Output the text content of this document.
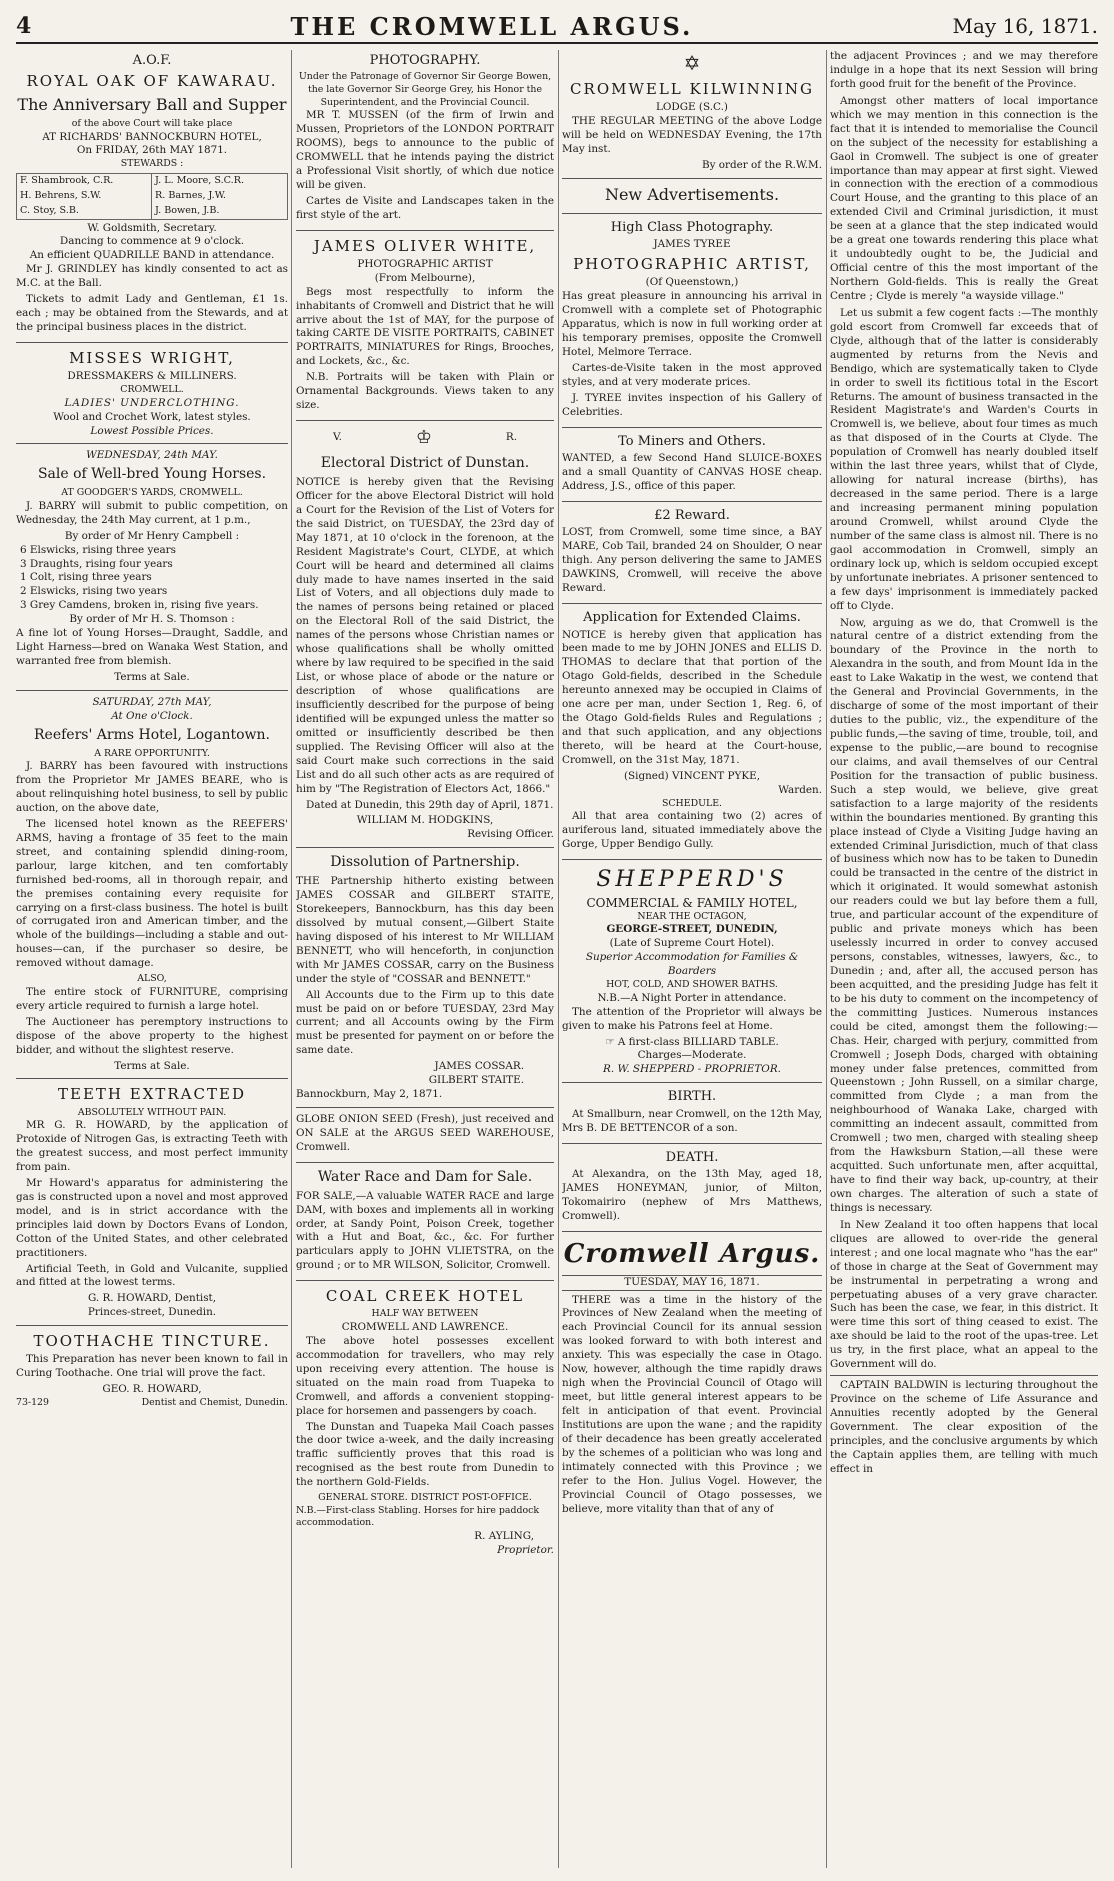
4	THE CROMWELL ARGUS.	May 16, 1871.
A.O.F.
ROYAL OAK OF KAWARAU.
The Anniversary Ball and Supper
of the above Court will take place
AT RICHARDS' BANNOCKBURN HOTEL,
On FRIDAY, 26th MAY 1871.
STEWARDS :
F. Shambrook, C.R.	J. L. Moore, S.C.R.
H. Behrens, S.W.	R. Barnes, J.W.
C. Stoy, S.B.	J. Bowen, J.B.
W. Goldsmith, Secretary.
Dancing to commence at 9 o'clock.
An efficient QUADRILLE BAND in attendance.

Mr J. GRINDLEY has kindly consented to act as M.C. at the Ball.

Tickets to admit Lady and Gentleman, £1 1s. each ; may be obtained from the Stewards, and at the principal business places in the district.

MISSES WRIGHT,
DRESSMAKERS & MILLINERS.
CROMWELL.
LADIES' UNDERCLOTHING.
Wool and Crochet Work, latest styles.
Lowest Possible Prices.
WEDNESDAY, 24th MAY.
Sale of Well-bred Young Horses.
AT GOODGER'S YARDS, CROMWELL.

J. BARRY will submit to public competition, on Wednesday, the 24th May current, at 1 p.m.,

By order of Mr Henry Campbell :
6 Elswicks, rising three years
3 Draughts, rising four years
1 Colt, rising three years
2 Elswicks, rising two years
3 Grey Camdens, broken in, rising five years.
By order of Mr H. S. Thomson :

A fine lot of Young Horses—Draught, Saddle, and Light Harness—bred on Wanaka West Station, and warranted free from blemish.

Terms at Sale.
SATURDAY, 27th MAY,
At One o'Clock.
Reefers' Arms Hotel, Logantown.
A RARE OPPORTUNITY.

J. BARRY has been favoured with instructions from the Proprietor Mr JAMES BEARE, who is about relinquishing hotel business, to sell by public auction, on the above date,

The licensed hotel known as the REEFERS' ARMS, having a frontage of 35 feet to the main street, and containing splendid dining-room, parlour, large kitchen, and ten comfortably furnished bed-rooms, all in thorough repair, and the premises containing every requisite for carrying on a first-class business. The hotel is built of corrugated iron and American timber, and the whole of the buildings—including a stable and out-houses—can, if the purchaser so desire, be removed without damage.

ALSO,

The entire stock of FURNITURE, comprising every article required to furnish a large hotel.

The Auctioneer has peremptory instructions to dispose of the above property to the highest bidder, and without the slightest reserve.

Terms at Sale.
TEETH EXTRACTED
ABSOLUTELY WITHOUT PAIN.

MR G. R. HOWARD, by the application of Protoxide of Nitrogen Gas, is extracting Teeth with the greatest success, and most perfect immunity from pain.

Mr Howard's apparatus for administering the gas is constructed upon a novel and most approved model, and is in strict accordance with the principles laid down by Doctors Evans of London, Cotton of the United States, and other celebrated practitioners.

Artificial Teeth, in Gold and Vulcanite, supplied and fitted at the lowest terms.

G. R. HOWARD, Dentist,
Princes-street, Dunedin.
TOOTHACHE TINCTURE.

This Preparation has never been known to fail in Curing Toothache. One trial will prove the fact.

GEO. R. HOWARD,
73-129	Dentist and Chemist, Dunedin.
PHOTOGRAPHY.
Under the Patronage of Governor Sir George Bowen, the late Governor Sir George Grey, his Honor the Superintendent, and the Provincial Council.

MR T. MUSSEN (of the firm of Irwin and Mussen, Proprietors of the LONDON PORTRAIT ROOMS), begs to announce to the public of CROMWELL that he intends paying the district a Professional Visit shortly, of which due notice will be given.

Cartes de Visite and Landscapes taken in the first style of the art.

JAMES OLIVER WHITE,
PHOTOGRAPHIC ARTIST
(From Melbourne),

Begs most respectfully to inform the inhabitants of Cromwell and District that he will arrive about the 1st of MAY, for the purpose of taking CARTE DE VISITE PORTRAITS, CABINET PORTRAITS, MINIATURES for Rings, Brooches, and Lockets, &c., &c.

N.B. Portraits will be taken with Plain or Ornamental Backgrounds. Views taken to any size.

V.	♔	R.
Electoral District of Dunstan.

NOTICE is hereby given that the Revising Officer for the above Electoral District will hold a Court for the Revision of the List of Voters for the said District, on TUESDAY, the 23rd day of May 1871, at 10 o'clock in the forenoon, at the Resident Magistrate's Court, CLYDE, at which Court will be heard and determined all claims duly made to have names inserted in the said List of Voters, and all objections duly made to the names of persons being retained or placed on the Electoral Roll of the said District, the names of the persons whose Christian names or whose qualifications shall be wholly omitted where by law required to be specified in the said List, or whose place of abode or the nature or description of whose qualifications are insufficiently described for the purpose of being identified will be expunged unless the matter so omitted or insufficiently described be then supplied. The Revising Officer will also at the said Court make such corrections in the said List and do all such other acts as are required of him by "The Registration of Electors Act, 1866."

Dated at Dunedin, this 29th day of April, 1871.

WILLIAM M. HODGKINS,
Revising Officer.
Dissolution of Partnership.

THE Partnership hitherto existing between JAMES COSSAR and GILBERT STAITE, Storekeepers, Bannockburn, has this day been dissolved by mutual consent,—Gilbert Staite having disposed of his interest to Mr WILLIAM BENNETT, who will henceforth, in conjunction with Mr JAMES COSSAR, carry on the Business under the style of "COSSAR and BENNETT."

All Accounts due to the Firm up to this date must be paid on or before TUESDAY, 23rd May current; and all Accounts owing by the Firm must be presented for payment on or before the same date.

JAMES COSSAR.
GILBERT STAITE.
Bannockburn, May 2, 1871.

GLOBE ONION SEED (Fresh), just received and ON SALE at the ARGUS SEED WAREHOUSE, Cromwell.

Water Race and Dam for Sale.

FOR SALE,—A valuable WATER RACE and large DAM, with boxes and implements all in working order, at Sandy Point, Poison Creek, together with a Hut and Boat, &c., &c. For further particulars apply to JOHN VLIETSTRA, on the ground ; or to MR WILSON, Solicitor, Cromwell.

COAL CREEK HOTEL
HALF WAY BETWEEN
CROMWELL AND LAWRENCE.

The above hotel possesses excellent accommodation for travellers, who may rely upon receiving every attention. The house is situated on the main road from Tuapeka to Cromwell, and affords a convenient stopping-place for horsemen and passengers by coach.

The Dunstan and Tuapeka Mail Coach passes the door twice a-week, and the daily increasing traffic sufficiently proves that this road is recognised as the best route from Dunedin to the northern Gold-Fields.

GENERAL STORE. DISTRICT POST-OFFICE.
N.B.—First-class Stabling. Horses for hire paddock accommodation.
R. AYLING,
Proprietor.
✡
CROMWELL KILWINNING
LODGE (S.C.)

THE REGULAR MEETING of the above Lodge will be held on WEDNESDAY Evening, the 17th May inst.

By order of the R.W.M.
New Advertisements.
High Class Photography.
JAMES TYREE
PHOTOGRAPHIC ARTIST,
(Of Queenstown,)

Has great pleasure in announcing his arrival in Cromwell with a complete set of Photographic Apparatus, which is now in full working order at his temporary premises, opposite the Cromwell Hotel, Melmore Terrace.

Cartes-de-Visite taken in the most approved styles, and at very moderate prices.

J. TYREE invites inspection of his Gallery of Celebrities.

To Miners and Others.

WANTED, a few Second Hand SLUICE-BOXES and a small Quantity of CANVAS HOSE cheap. Address, J.S., office of this paper.

£2 Reward.

LOST, from Cromwell, some time since, a BAY MARE, Cob Tail, branded 24 on Shoulder, O near thigh. Any person delivering the same to JAMES DAWKINS, Cromwell, will receive the above Reward.

Application for Extended Claims.

NOTICE is hereby given that application has been made to me by JOHN JONES and ELLIS D. THOMAS to declare that that portion of the Otago Gold-fields, described in the Schedule hereunto annexed may be occupied in Claims of one acre per man, under Section 1, Reg. 6, of the Otago Gold-fields Rules and Regulations ; and that such application, and any objections thereto, will be heard at the Court-house, Cromwell, on the 31st May, 1871.

(Signed) VINCENT PYKE,
Warden.
SCHEDULE.

All that area containing two (2) acres of auriferous land, situated immediately above the Gorge, Upper Bendigo Gully.

SHEPPERD'S
COMMERCIAL & FAMILY HOTEL,
NEAR THE OCTAGON,
GEORGE-STREET, DUNEDIN,
(Late of Supreme Court Hotel).
Superior Accommodation for Families & Boarders
HOT, COLD, AND SHOWER BATHS.
N.B.—A Night Porter in attendance.

The attention of the Proprietor will always be given to make his Patrons feel at Home.

☞ A first-class BILLIARD TABLE.
Charges—Moderate.
R. W. SHEPPERD - PROPRIETOR.
BIRTH.

At Smallburn, near Cromwell, on the 12th May, Mrs B. DE BETTENCOR of a son.

DEATH.

At Alexandra, on the 13th May, aged 18, JAMES HONEYMAN, junior, of Milton, Tokomairiro (nephew of Mrs Matthews, Cromwell).

Cromwell Argus.
TUESDAY, MAY 16, 1871.

THERE was a time in the history of the Provinces of New Zealand when the meeting of each Provincial Council for its annual session was looked forward to with both interest and anxiety. This was especially the case in Otago. Now, however, although the time rapidly draws nigh when the Provincial Council of Otago will meet, but little general interest appears to be felt in anticipation of that event. Provincial Institutions are upon the wane ; and the rapidity of their decadence has been greatly accelerated by the schemes of a politician who was long and intimately connected with this Province ; we refer to the Hon. Julius Vogel. However, the Provincial Council of Otago possesses, we believe, more vitality than that of any of

the adjacent Provinces ; and we may therefore indulge in a hope that its next Session will bring forth good fruit for the benefit of the Province.

Amongst other matters of local importance which we may mention in this connection is the fact that it is intended to memorialise the Council on the subject of the necessity for establishing a Gaol in Cromwell. The subject is one of greater importance than may appear at first sight. Viewed in connection with the erection of a commodious Court House, and the granting to this place of an extended Civil and Criminal jurisdiction, it must be seen at a glance that the step indicated would be a great one towards rendering this place what it undoubtedly ought to be, the Judicial and Official centre of this the most important of the Northern Gold-fields. This is really the Great Centre ; Clyde is merely "a wayside village."

Let us submit a few cogent facts :—The monthly gold escort from Cromwell far exceeds that of Clyde, although that of the latter is considerably augmented by returns from the Nevis and Bendigo, which are systematically taken to Clyde in order to swell its fictitious total in the Escort Returns. The amount of business transacted in the Resident Magistrate's and Warden's Courts in Cromwell is, we believe, about four times as much as that disposed of in the Courts at Clyde. The population of Cromwell has nearly doubled itself within the last three years, whilst that of Clyde, allowing for natural increase (births), has decreased in the same period. There is a large and increasing permanent mining population around Cromwell, whilst around Clyde the number of the same class is almost nil. There is no gaol accommodation in Cromwell, simply an ordinary lock up, which is seldom occupied except by unfortunate inebriates. A prisoner sentenced to a few days' imprisonment is immediately packed off to Clyde.

Now, arguing as we do, that Cromwell is the natural centre of a district extending from the boundary of the Province in the north to Alexandra in the south, and from Mount Ida in the east to Lake Wakatip in the west, we contend that the General and Provincial Governments, in the discharge of some of the most important of their duties to the public, viz., the expenditure of the public funds,—the saving of time, trouble, toil, and expense to the public,—are bound to recognise our claims, and avail themselves of our Central Position for the transaction of public business. Such a step would, we believe, give great satisfaction to a large majority of the residents within the boundaries mentioned. By granting this place instead of Clyde a Visiting Judge having an extended Criminal Jurisdiction, much of that class of business which now has to be taken to Dunedin could be transacted in the centre of the district in which it originated. It would somewhat astonish our readers could we but lay before them a full, true, and particular account of the expenditure of public and private moneys which has been uselessly incurred in order to convey accused persons, constables, witnesses, lawyers, &c., to Dunedin ; and, after all, the accused person has been acquitted, and the presiding Judge has felt it to be his duty to comment on the incompetency of the committing Justices. Numerous instances could be cited, amongst them the following:—Chas. Heir, charged with perjury, committed from Cromwell ; Joseph Dods, charged with obtaining money under false pretences, committed from Queenstown ; John Russell, on a similar charge, committed from Clyde ; a man from the neighbourhood of Wanaka Lake, charged with committing an indecent assault, committed from Cromwell ; two men, charged with stealing sheep from the Hawksburn Station,—all these were acquitted. Such unfortunate men, after acquittal, have to find their way back, up-country, at their own charges. The alteration of such a state of things is necessary.

In New Zealand it too often happens that local cliques are allowed to over-ride the general interest ; and one local magnate who "has the ear" of those in charge at the Seat of Government may be instrumental in perpetrating a wrong and perpetuating abuses of a very grave character. Such has been the case, we fear, in this district. It were time this sort of thing ceased to exist. The axe should be laid to the root of the upas-tree. Let us try, in the first place, what an appeal to the Government will do.

CAPTAIN BALDWIN is lecturing throughout the Province on the scheme of Life Assurance and Annuities recently adopted by the General Government. The clear exposition of the principles, and the conclusive arguments by which the Captain applies them, are telling with much effect in
